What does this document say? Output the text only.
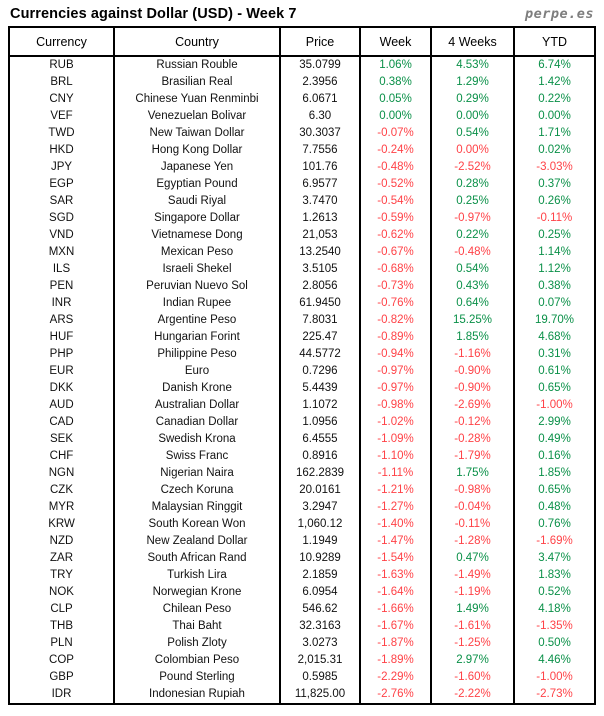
Currencies against Dollar (USD) - Week 7	perpe.es
Currency	Country	Price	Week	4 Weeks	YTD
RUB	Russian Rouble	35.0799	1.06%	4.53%	6.74%
BRL	Brasilian Real	2.3956	0.38%	1.29%	1.42%
CNY	Chinese Yuan Renminbi	6.0671	0.05%	0.29%	0.22%
VEF	Venezuelan Bolivar	6.30	0.00%	0.00%	0.00%
TWD	New Taiwan Dollar	30.3037	-0.07%	0.54%	1.71%
HKD	Hong Kong Dollar	7.7556	-0.24%	0.00%	0.02%
JPY	Japanese Yen	101.76	-0.48%	-2.52%	-3.03%
EGP	Egyptian Pound	6.9577	-0.52%	0.28%	0.37%
SAR	Saudi Riyal	3.7470	-0.54%	0.25%	0.26%
SGD	Singapore Dollar	1.2613	-0.59%	-0.97%	-0.11%
VND	Vietnamese Dong	21,053	-0.62%	0.22%	0.25%
MXN	Mexican Peso	13.2540	-0.67%	-0.48%	1.14%
ILS	Israeli Shekel	3.5105	-0.68%	0.54%	1.12%
PEN	Peruvian Nuevo Sol	2.8056	-0.73%	0.43%	0.38%
INR	Indian Rupee	61.9450	-0.76%	0.64%	0.07%
ARS	Argentine Peso	7.8031	-0.82%	15.25%	19.70%
HUF	Hungarian Forint	225.47	-0.89%	1.85%	4.68%
PHP	Philippine Peso	44.5772	-0.94%	-1.16%	0.31%
EUR	Euro	0.7296	-0.97%	-0.90%	0.61%
DKK	Danish Krone	5.4439	-0.97%	-0.90%	0.65%
AUD	Australian Dollar	1.1072	-0.98%	-2.69%	-1.00%
CAD	Canadian Dollar	1.0956	-1.02%	-0.12%	2.99%
SEK	Swedish Krona	6.4555	-1.09%	-0.28%	0.49%
CHF	Swiss Franc	0.8916	-1.10%	-1.79%	0.16%
NGN	Nigerian Naira	162.2839	-1.11%	1.75%	1.85%
CZK	Czech Koruna	20.0161	-1.21%	-0.98%	0.65%
MYR	Malaysian Ringgit	3.2947	-1.27%	-0.04%	0.48%
KRW	South Korean Won	1,060.12	-1.40%	-0.11%	0.76%
NZD	New Zealand Dollar	1.1949	-1.47%	-1.28%	-1.69%
ZAR	South African Rand	10.9289	-1.54%	0.47%	3.47%
TRY	Turkish Lira	2.1859	-1.63%	-1.49%	1.83%
NOK	Norwegian Krone	6.0954	-1.64%	-1.19%	0.52%
CLP	Chilean Peso	546.62	-1.66%	1.49%	4.18%
THB	Thai Baht	32.3163	-1.67%	-1.61%	-1.35%
PLN	Polish Zloty	3.0273	-1.87%	-1.25%	0.50%
COP	Colombian Peso	2,015.31	-1.89%	2.97%	4.46%
GBP	Pound Sterling	0.5985	-2.29%	-1.60%	-1.00%
IDR	Indonesian Rupiah	11,825.00	-2.76%	-2.22%	-2.73%
